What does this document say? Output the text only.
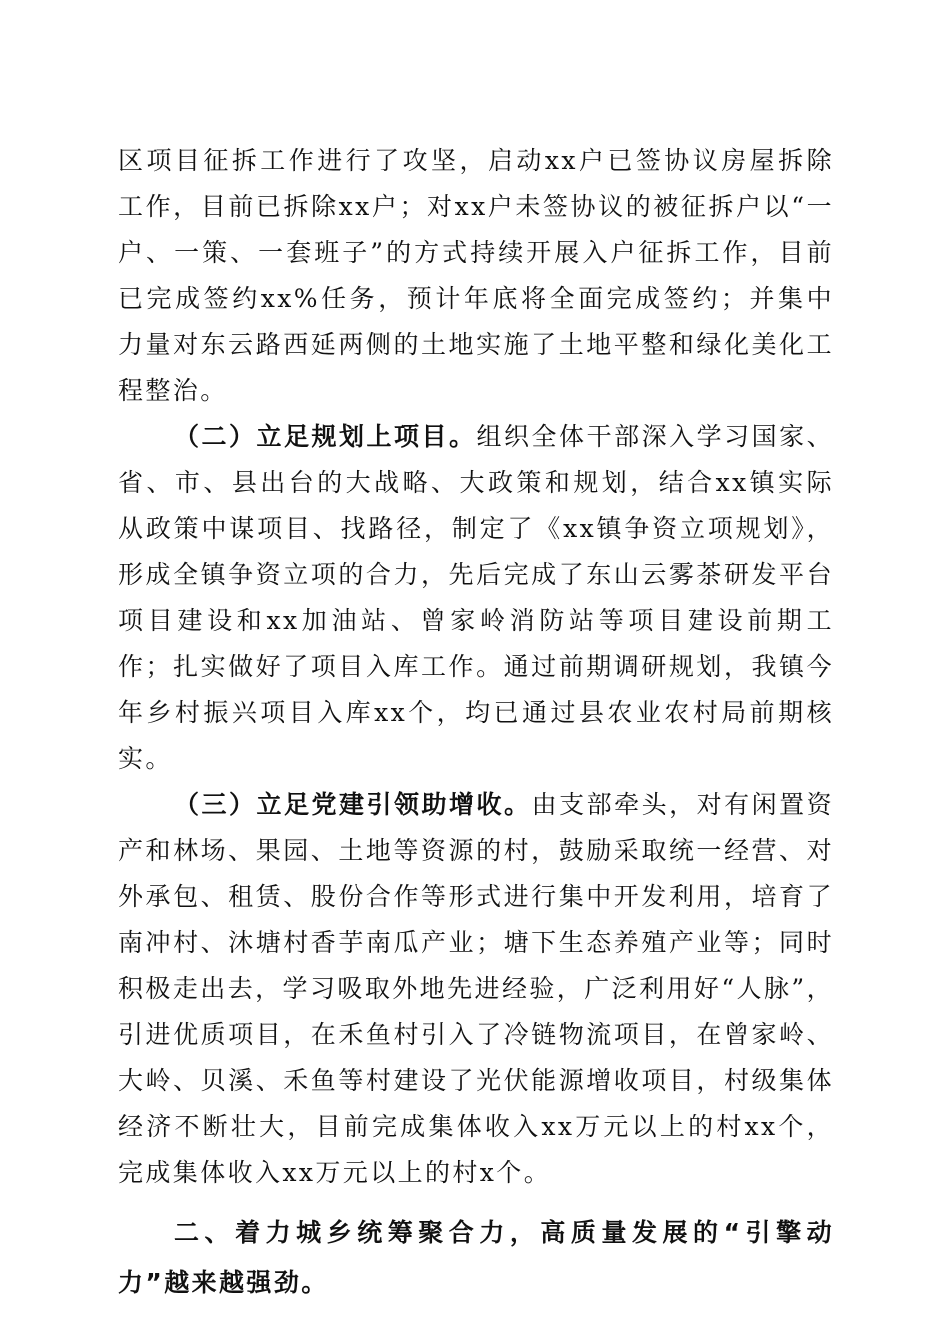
区项目征拆工作进行了攻坚，启动xx户已签协议房屋拆除工作，目前已拆除xx户；对xx户未签协议的被征拆户以“一户、一策、一套班子”的方式持续开展入户征拆工作，目前已完成签约xx%任务，预计年底将全面完成签约；并集中力量对东云路西延两侧的土地实施了土地平整和绿化美化工程整治。

（二）立足规划上项目。组织全体干部深入学习国家、省、市、县出台的大战略、大政策和规划，结合xx镇实际从政策中谋项目、找路径，制定了《xx镇争资立项规划》，形成全镇争资立项的合力，先后完成了东山云雾茶研发平台项目建设和xx加油站、曾家岭消防站等项目建设前期工作；扎实做好了项目入库工作。通过前期调研规划，我镇今年乡村振兴项目入库xx个，均已通过县农业农村局前期核实。

（三）立足党建引领助增收。由支部牵头，对有闲置资产和林场、果园、土地等资源的村，鼓励采取统一经营、对外承包、租赁、股份合作等形式进行集中开发利用，培育了南冲村、沐塘村香芋南瓜产业；塘下生态养殖产业等；同时积极走出去，学习吸取外地先进经验，广泛利用好“人脉”，引进优质项目，在禾鱼村引入了冷链物流项目，在曾家岭、大岭、贝溪、禾鱼等村建设了光伏能源增收项目，村级集体经济不断壮大，目前完成集体收入xx万元以上的村xx个，完成集体收入xx万元以上的村x个。

二、着力城乡统筹聚合力，高质量发展的“引擎动力”越来越强劲。
